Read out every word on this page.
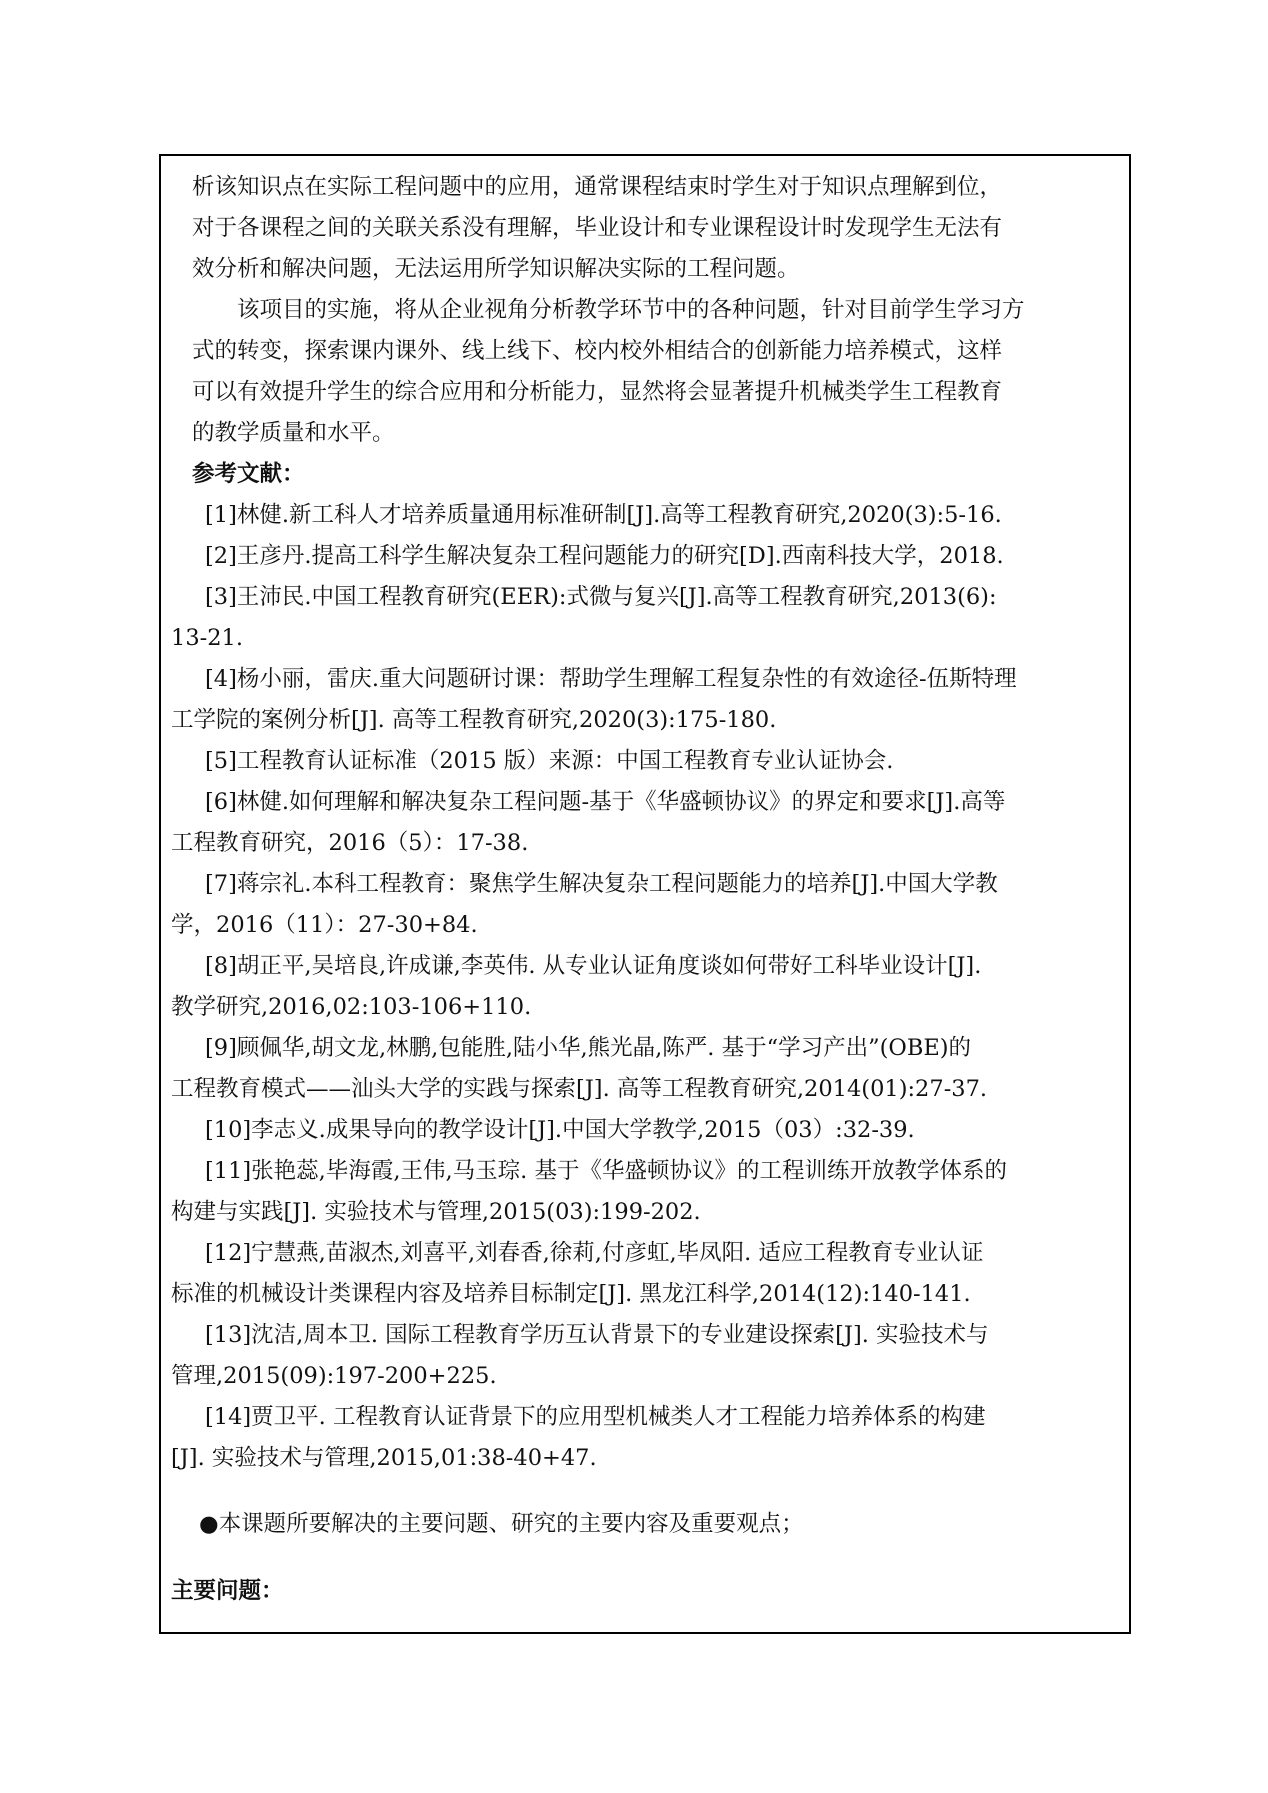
析该知识点在实际工程问题中的应用，通常课程结束时学生对于知识点理解到位，
对于各课程之间的关联关系没有理解，毕业设计和专业课程设计时发现学生无法有
效分析和解决问题，无法运用所学知识解决实际的工程问题。
该项目的实施，将从企业视角分析教学环节中的各种问题，针对目前学生学习方
式的转变，探索课内课外、线上线下、校内校外相结合的创新能力培养模式，这样
可以有效提升学生的综合应用和分析能力，显然将会显著提升机械类学生工程教育
的教学质量和水平。
参考文献：
[1]林健.新工科人才培养质量通用标准研制[J].高等工程教育研究,2020(3):5-16.
[2]王彦丹.提高工科学生解决复杂工程问题能力的研究[D].西南科技大学，2018.
[3]王沛民.中国工程教育研究(EER):式微与复兴[J].高等工程教育研究,2013(6):
13-21.
[4]杨小丽，雷庆.重大问题研讨课：帮助学生理解工程复杂性的有效途径-伍斯特理
工学院的案例分析[J]. 高等工程教育研究,2020(3):175-180.
[5]工程教育认证标准（2015 版）来源：中国工程教育专业认证协会.
[6]林健.如何理解和解决复杂工程问题-基于《华盛顿协议》的界定和要求[J].高等
工程教育研究，2016（5）：17-38.
[7]蒋宗礼.本科工程教育：聚焦学生解决复杂工程问题能力的培养[J].中国大学教
学，2016（11）：27-30+84.
[8]胡正平,吴培良,许成谦,李英伟. 从专业认证角度谈如何带好工科毕业设计[J].
教学研究,2016,02:103-106+110.
[9]顾佩华,胡文龙,林鹏,包能胜,陆小华,熊光晶,陈严. 基于“学习产出”(OBE)的
工程教育模式——汕头大学的实践与探索[J]. 高等工程教育研究,2014(01):27-37.
[10]李志义.成果导向的教学设计[J].中国大学教学,2015（03）:32-39.
[11]张艳蕊,毕海霞,王伟,马玉琮. 基于《华盛顿协议》的工程训练开放教学体系的
构建与实践[J]. 实验技术与管理,2015(03):199-202.
[12]宁慧燕,苗淑杰,刘喜平,刘春香,徐莉,付彦虹,毕凤阳. 适应工程教育专业认证
标准的机械设计类课程内容及培养目标制定[J]. 黑龙江科学,2014(12):140-141.
[13]沈洁,周本卫. 国际工程教育学历互认背景下的专业建设探索[J]. 实验技术与
管理,2015(09):197-200+225.
[14]贾卫平. 工程教育认证背景下的应用型机械类人才工程能力培养体系的构建
[J]. 实验技术与管理,2015,01:38-40+47.
●本课题所要解决的主要问题、研究的主要内容及重要观点；
主要问题：
